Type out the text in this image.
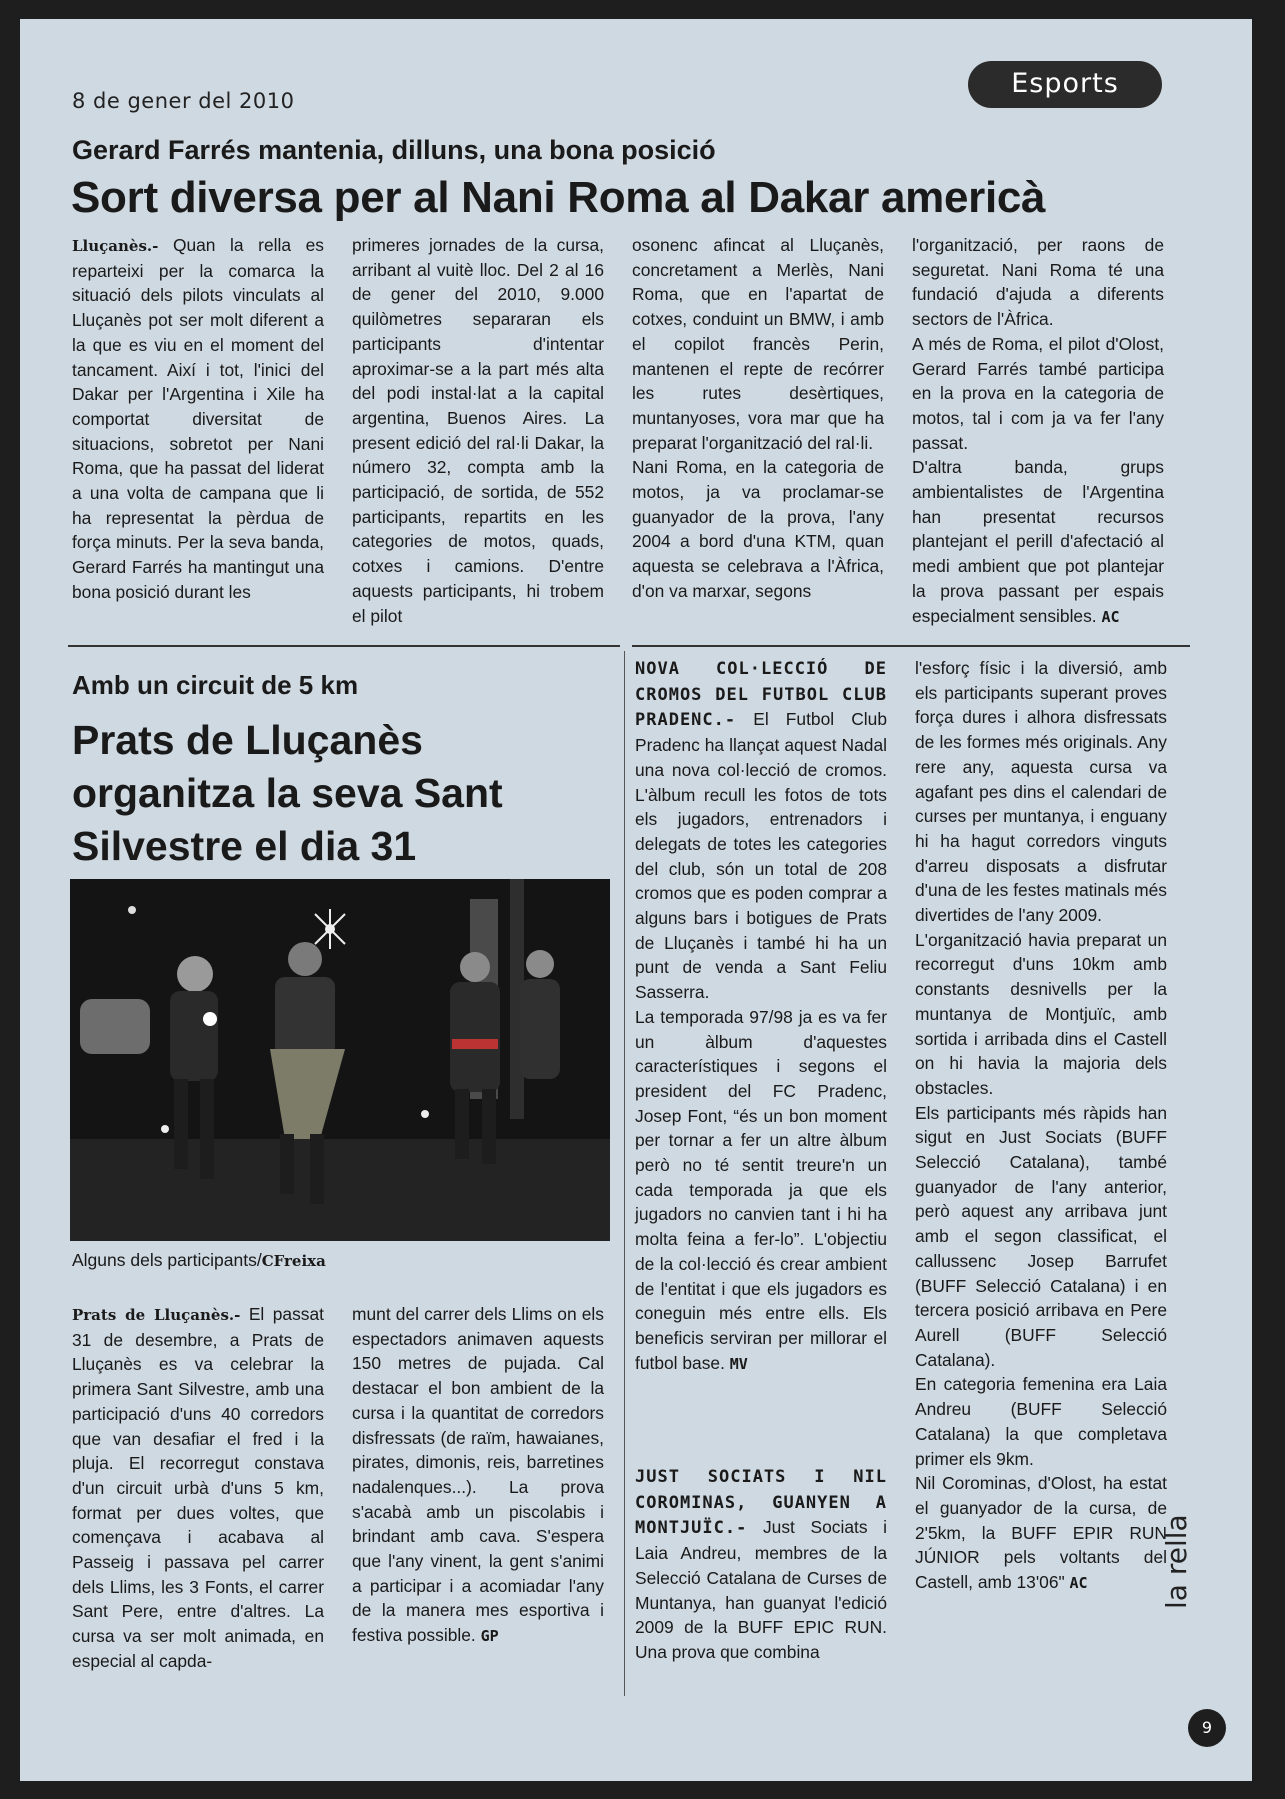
8 de gener del 2010
Esports
Gerard Farrés mantenia, dilluns, una bona posició
Sort diversa per al Nani Roma al Dakar americà
Lluçanès.- Quan la rella es reparteixi per la comarca la situació dels pilots vinculats al Lluçanès pot ser molt diferent a la que es viu en el moment del tancament. Així i tot, l'inici del Dakar per l'Argentina i Xile ha comportat diversitat de situacions, sobretot per Nani Roma, que ha passat del liderat a una volta de campana que li ha representat la pèrdua de força minuts. Per la seva banda, Gerard Farrés ha mantingut una bona posició durant les
primeres jornades de la cursa, arribant al vuitè lloc. Del 2 al 16 de gener del 2010, 9.000 quilòmetres separaran els participants d'intentar aproximar-se a la part més alta del podi instal·lat a la capital argentina, Buenos Aires. La present edició del ral·li Dakar, la número 32, compta amb la participació, de sortida, de 552 participants, repartits en les categories de motos, quads, cotxes i camions. D'entre aquests participants, hi trobem el pilot
osonenc afincat al Lluçanès, concretament a Merlès, Nani Roma, que en l'apartat de cotxes, conduint un BMW, i amb el copilot francès Perin, mantenen el repte de recórrer les rutes desèrtiques, muntanyoses, vora mar que ha preparat l'organització del ral·li.
Nani Roma, en la categoria de motos, ja va proclamar-se guanyador de la prova, l'any 2004 a bord d'una KTM, quan aquesta se celebrava a l'Àfrica, d'on va marxar, segons
l'organització, per raons de seguretat. Nani Roma té una fundació d'ajuda a diferents sectors de l'Àfrica.
A més de Roma, el pilot d'Olost, Gerard Farrés també participa en la prova en la categoria de motos, tal i com ja va fer l'any passat.
D'altra banda, grups ambientalistes de l'Argentina han presentat recursos plantejant el perill d'afectació al medi ambient que pot plantejar la prova passant per espais especialment sensibles. AC
Amb un circuit de 5 km
Prats de Lluçanès organitza la seva Sant Silvestre el dia 31
Alguns dels participants/CFreixa
Prats de Lluçanès.- El passat 31 de desembre, a Prats de Lluçanès es va celebrar la primera Sant Silvestre, amb una participació d'uns 40 corredors que van desafiar el fred i la pluja. El recorregut constava d'un circuit urbà d'uns 5 km, format per dues voltes, que començava i acabava al Passeig i passava pel carrer dels Llims, les 3 Fonts, el carrer Sant Pere, entre d'altres. La cursa va ser molt animada, en especial al capda-
munt del carrer dels Llims on els espectadors animaven aquests 150 metres de pujada. Cal destacar el bon ambient de la cursa i la quantitat de corredors disfressats (de raïm, hawaianes, pirates, dimonis, reis, barretines nadalenques...). La prova s'acabà amb un piscolabis i brindant amb cava. S'espera que l'any vinent, la gent s'animi a participar i a acomiadar l'any de la manera mes esportiva i festiva possible. GP
NOVA COL·LECCIÓ DE CROMOS DEL FUTBOL CLUB PRADENC.- El Futbol Club Pradenc ha llançat aquest Nadal una nova col·lecció de cromos. L'àlbum recull les fotos de tots els jugadors, entrenadors i delegats de totes les categories del club, són un total de 208 cromos que es poden comprar a alguns bars i botigues de Prats de Lluçanès i també hi ha un punt de venda a Sant Feliu Sasserra.
La temporada 97/98 ja es va fer un àlbum d'aquestes característiques i segons el president del FC Pradenc, Josep Font, “és un bon moment per tornar a fer un altre àlbum però no té sentit treure'n un cada temporada ja que els jugadors no canvien tant i hi ha molta feina a fer-lo”. L'objectiu de la col·lecció és crear ambient de l'entitat i que els jugadors es coneguin més entre ells. Els beneficis serviran per millorar el futbol base. MV
JUST SOCIATS I NIL COROMINAS, GUANYEN A MONTJUÏC.- Just Sociats i Laia Andreu, membres de la Selecció Catalana de Curses de Muntanya, han guanyat l'edició 2009 de la BUFF EPIC RUN. Una prova que combina
l'esforç físic i la diversió, amb els participants superant proves força dures i alhora disfressats de les formes més originals. Any rere any, aquesta cursa va agafant pes dins el calendari de curses per muntanya, i enguany hi ha hagut corredors vinguts d'arreu disposats a disfrutar d'una de les festes matinals més divertides de l'any 2009.
L'organització havia preparat un recorregut d'uns 10km amb constants desnivells per la muntanya de Montjuïc, amb sortida i arribada dins el Castell on hi havia la majoria dels obstacles.
Els participants més ràpids han sigut en Just Sociats (BUFF Selecció Catalana), també guanyador de l'any anterior, però aquest any arribava junt amb el segon classificat, el callussenc Josep Barrufet (BUFF Selecció Catalana) i en tercera posició arribava en Pere Aurell (BUFF Selecció Catalana).
En categoria femenina era Laia Andreu (BUFF Selecció Catalana) la que completava primer els 9km.
Nil Corominas, d'Olost, ha estat el guanyador de la cursa, de 2'5km, la BUFF EPIR RUN JÚNIOR pels voltants del Castell, amb 13'06" AC	la rella
9
